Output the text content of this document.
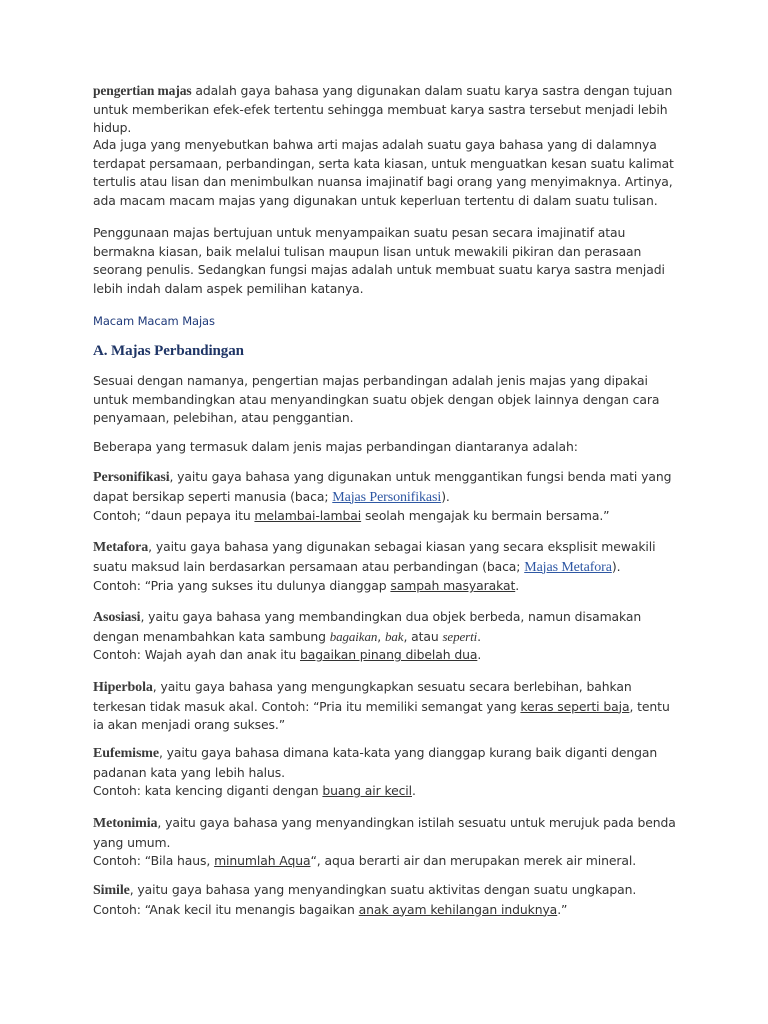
pengertian majas adalah gaya bahasa yang digunakan dalam suatu karya sastra dengan tujuan untuk memberikan efek-efek tertentu sehingga membuat karya sastra tersebut menjadi lebih hidup.

Ada juga yang menyebutkan bahwa arti majas adalah suatu gaya bahasa yang di dalamnya terdapat persamaan, perbandingan, serta kata kiasan, untuk menguatkan kesan suatu kalimat tertulis atau lisan dan menimbulkan nuansa imajinatif bagi orang yang menyimaknya. Artinya, ada macam macam majas yang digunakan untuk keperluan tertentu di dalam suatu tulisan.

Penggunaan majas bertujuan untuk menyampaikan suatu pesan secara imajinatif atau bermakna kiasan, baik melalui tulisan maupun lisan untuk mewakili pikiran dan perasaan seorang penulis. Sedangkan fungsi majas adalah untuk membuat suatu karya sastra menjadi lebih indah dalam aspek pemilihan katanya.

Macam Macam Majas

A. Majas Perbandingan

Sesuai dengan namanya, pengertian majas perbandingan adalah jenis majas yang dipakai untuk membandingkan atau menyandingkan suatu objek dengan objek lainnya dengan cara penyamaan, pelebihan, atau penggantian.

Beberapa yang termasuk dalam jenis majas perbandingan diantaranya adalah:

Personifikasi, yaitu gaya bahasa yang digunakan untuk menggantikan fungsi benda mati yang dapat bersikap seperti manusia (baca; Majas Personifikasi).

Contoh; “daun pepaya itu melambai-lambai seolah mengajak ku bermain bersama.”

Metafora, yaitu gaya bahasa yang digunakan sebagai kiasan yang secara eksplisit mewakili suatu maksud lain berdasarkan persamaan atau perbandingan (baca; Majas Metafora).

Contoh: “Pria yang sukses itu dulunya dianggap sampah masyarakat.

Asosiasi, yaitu gaya bahasa yang membandingkan dua objek berbeda, namun disamakan dengan menambahkan kata sambung bagaikan, bak, atau seperti.

Contoh: Wajah ayah dan anak itu bagaikan pinang dibelah dua.

Hiperbola, yaitu gaya bahasa yang mengungkapkan sesuatu secara berlebihan, bahkan terkesan tidak masuk akal. Contoh: “Pria itu memiliki semangat yang keras seperti baja, tentu ia akan menjadi orang sukses.”

Eufemisme, yaitu gaya bahasa dimana kata-kata yang dianggap kurang baik diganti dengan padanan kata yang lebih halus.

Contoh: kata kencing diganti dengan buang air kecil.

Metonimia, yaitu gaya bahasa yang menyandingkan istilah sesuatu untuk merujuk pada benda yang umum.

Contoh: “Bila haus, minumlah Aqua“, aqua berarti air dan merupakan merek air mineral.

Simile, yaitu gaya bahasa yang menyandingkan suatu aktivitas dengan suatu ungkapan.

Contoh: “Anak kecil itu menangis bagaikan anak ayam kehilangan induknya.”
